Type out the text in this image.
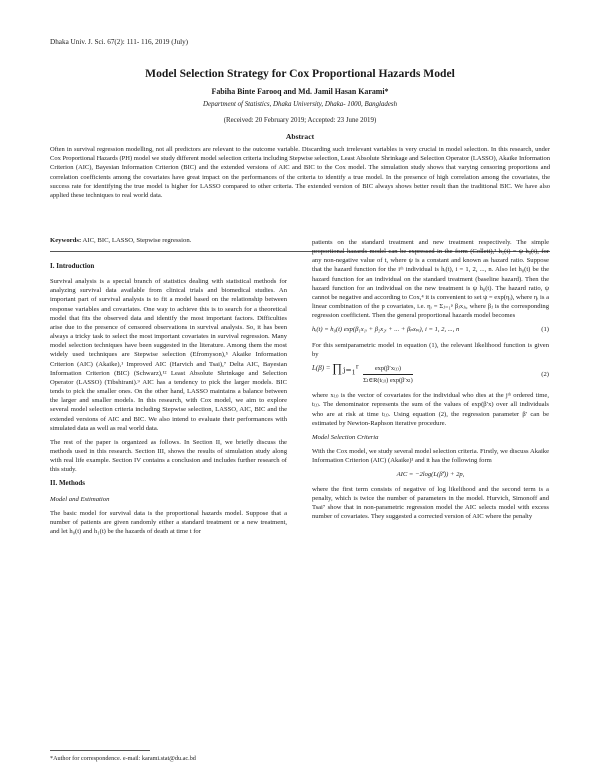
Dhaka Univ. J. Sci. 67(2): 111- 116, 2019 (July)
Model Selection Strategy for Cox Proportional Hazards Model
Fabiha Binte Farooq and Md. Jamil Hasan Karami*
Department of Statistics, Dhaka University, Dhaka- 1000, Bangladesh
(Received: 20 February 2019; Accepted: 23 June 2019)
Abstract
Often in survival regression modelling, not all predictors are relevant to the outcome variable. Discarding such irrelevant variables is very crucial in model selection. In this research, under Cox Proportional Hazards (PH) model we study different model selection criteria including Stepwise selection, Least Absolute Shrinkage and Selection Operator (LASSO), Akaike Information Criterion (AIC), Bayesian Information Criterion (BIC) and the extended versions of AIC and BIC to the Cox model. The simulation study shows that varying censoring proportions and correlation coefficients among the covariates have great impact on the performances of the criteria to identify a true model. In the presence of high correlation among the covariates, the success rate for identifying the true model is higher for LASSO compared to other criteria. The extended version of BIC always shows better result than the traditional BIC. We have also applied these techniques to real world data.
Keywords: AIC, BIC, LASSO, Stepwise regression.
I. Introduction

Survival analysis is a special branch of statistics dealing with statistical methods for analyzing survival data available from clinical trials and biomedical studies. An important part of survival analysis is to fit a model based on the relationship between response variables and covariates. One way to achieve this is to search for a theoretical model that fits the observed data and identify the most important factors. Difficulties arise due to the presence of censored observations in survival analysis. So, it has been always a tricky task to select the most important covariates in survival regression. Many model selection techniques have been suggested in the literature. Among them the most widely used techniques are Stepwise selection (Efromyson),⁵ Akaike Information Criterion (AIC) (Akaike),¹ Improved AIC (Harvich and Tsai),⁷ Delta AIC, Bayesian Information Criterion (BIC) (Schwarz),¹² Least Absolute Shrinkage and Selection Operator (LASSO) (Tibshirani).⁹ AIC has a tendency to pick the larger models. BIC tends to pick the smaller ones. On the other hand, LASSO maintains a balance between the larger and smaller models. In this research, with Cox model, we aim to explore several model selection criteria including Stepwise selection, LASSO, AIC, BIC and the extended versions of AIC and BIC. We also intend to evaluate their performances with simulated data as well as real world data.

The rest of the paper is organized as follows. In Section II, we briefly discuss the methods used in this research. Section III, shows the results of simulation study along with real life example. Section IV contains a conclusion and includes further research of this study.

II. Methods
Model and Estimation

The basic model for survival data is the proportional hazards model. Suppose that a number of patients are given randomly either a standard treatment or a new treatment, and let h₀(t) and h₁(t) be the hazards of death at time t for

patients on the standard treatment and new treatment respectively. The simple proportional hazards model can be expressed in the form (Collett),³ h₁(t) = ψ h₀(t), for any non-negative value of t, where ψ is a constant and known as hazard ratio. Suppose that the hazard function for the iᵗʰ individual is hᵢ(t), i = 1, 2, ..., n. Also let h₀(t) be the hazard function for an individual on the standard treatment (baseline hazard). Then the hazard function for an individual on the new treatment is ψ h₀(t). The hazard ratio, ψ cannot be negative and according to Cox,⁴ it is convenient to set ψ = exp(ηᵢ), where ηᵢ is a linear combination of the p covariates, i.e. ηᵢ = Σⱼ₌₁ᵖ βⱼxⱼᵢ, where βⱼ is the corresponding regression coefficient. Then the general proportional hazards model becomes

hᵢ(t) = h₀(t) exp(β₁x₁ᵢ + β₂x₂ᵢ + ... + βₚxₚᵢ), i = 1, 2, ..., n	(1)

For this semiparametric model in equation (1), the relevant likelihood function is given by

L(β) = ∏ⱼ₌₁ʳ $\frac{\text{exp(β′x₍ⱼ₎)}}{\text{Σₗ∈R(t₍ⱼ₎) exp(β′xₗ)}}$	(2)

where x₍ⱼ₎ is the vector of covariates for the individual who dies at the jᵗʰ ordered time, t₍ⱼ₎. The denominator represents the sum of the values of exp(β′x) over all individuals who are at risk at time t₍ⱼ₎. Using equation (2), the regression parameter β′ can be estimated by Newton-Raphson iterative procedure.

Model Selection Criteria

With the Cox model, we study several model selection criteria. Firstly, we discuss Akaike Information Criterion (AIC) (Akaike)¹ and it has the following form

AIC = −2log(L(β̂′)) + 2p,

where the first term consists of negative of log likelihood and the second term is a penalty, which is twice the number of parameters in the model. Hurvich, Simonoff and Tsai⁷ show that in non-parametric regression model the AIC selects model with excess number of covariates. They suggested a corrected version of AIC where the penalty

*Author for correspondence. e-mail: karami.stat@du.ac.bd
